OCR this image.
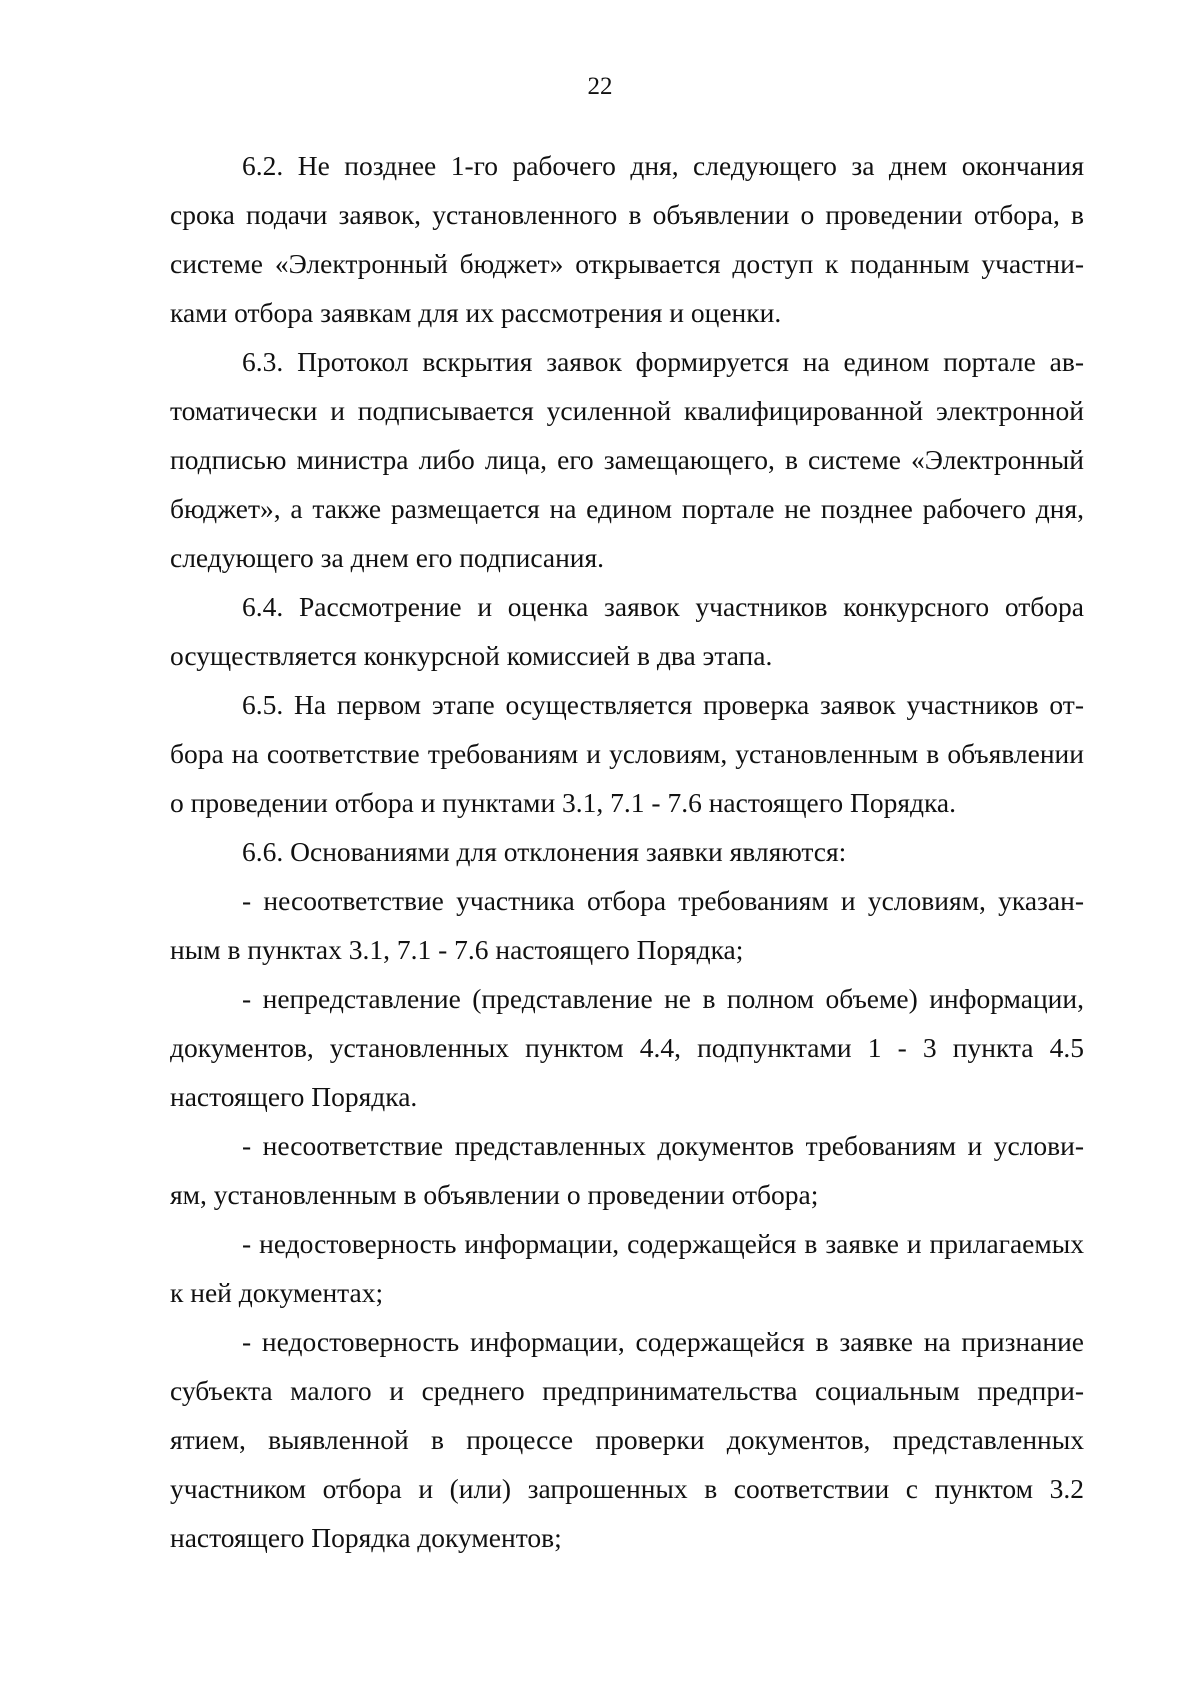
22

6.2. Не позднее 1-го рабочего дня, следующего за днем окончания срока подачи заявок, установленного в объявлении о проведении отбора, в системе «Электронный бюджет» открывается доступ к поданным участниками отбора заявкам для их рассмотрения и оценки.

6.3. Протокол вскрытия заявок формируется на едином портале автоматически и подписывается усиленной квалифицированной электронной подписью министра либо лица, его замещающего, в системе «Электронный бюджет», а также размещается на едином портале не позднее рабочего дня, следующего за днем его подписания.

6.4. Рассмотрение и оценка заявок участников конкурсного отбора осуществляется конкурсной комиссией в два этапа.

6.5. На первом этапе осуществляется проверка заявок участников отбора на соответствие требованиям и условиям, установленным в объявлении о проведении отбора и пунктами 3.1, 7.1 - 7.6 настоящего Порядка.

6.6. Основаниями для отклонения заявки являются:

- несоответствие участника отбора требованиям и условиям, указанным в пунктах 3.1, 7.1 - 7.6 настоящего Порядка;

- непредставление (представление не в полном объеме) информации, документов, установленных пунктом 4.4, подпунктами 1 - 3 пункта 4.5 настоящего Порядка.

- несоответствие представленных документов требованиям и условиям, установленным в объявлении о проведении отбора;

- недостоверность информации, содержащейся в заявке и прилагаемых к ней документах;

- недостоверность информации, содержащейся в заявке на признание субъекта малого и среднего предпринимательства социальным предприятием, выявленной в процессе проверки документов, представленных участником отбора и (или) запрошенных в соответствии с пунктом 3.2 настоящего Порядка документов;
